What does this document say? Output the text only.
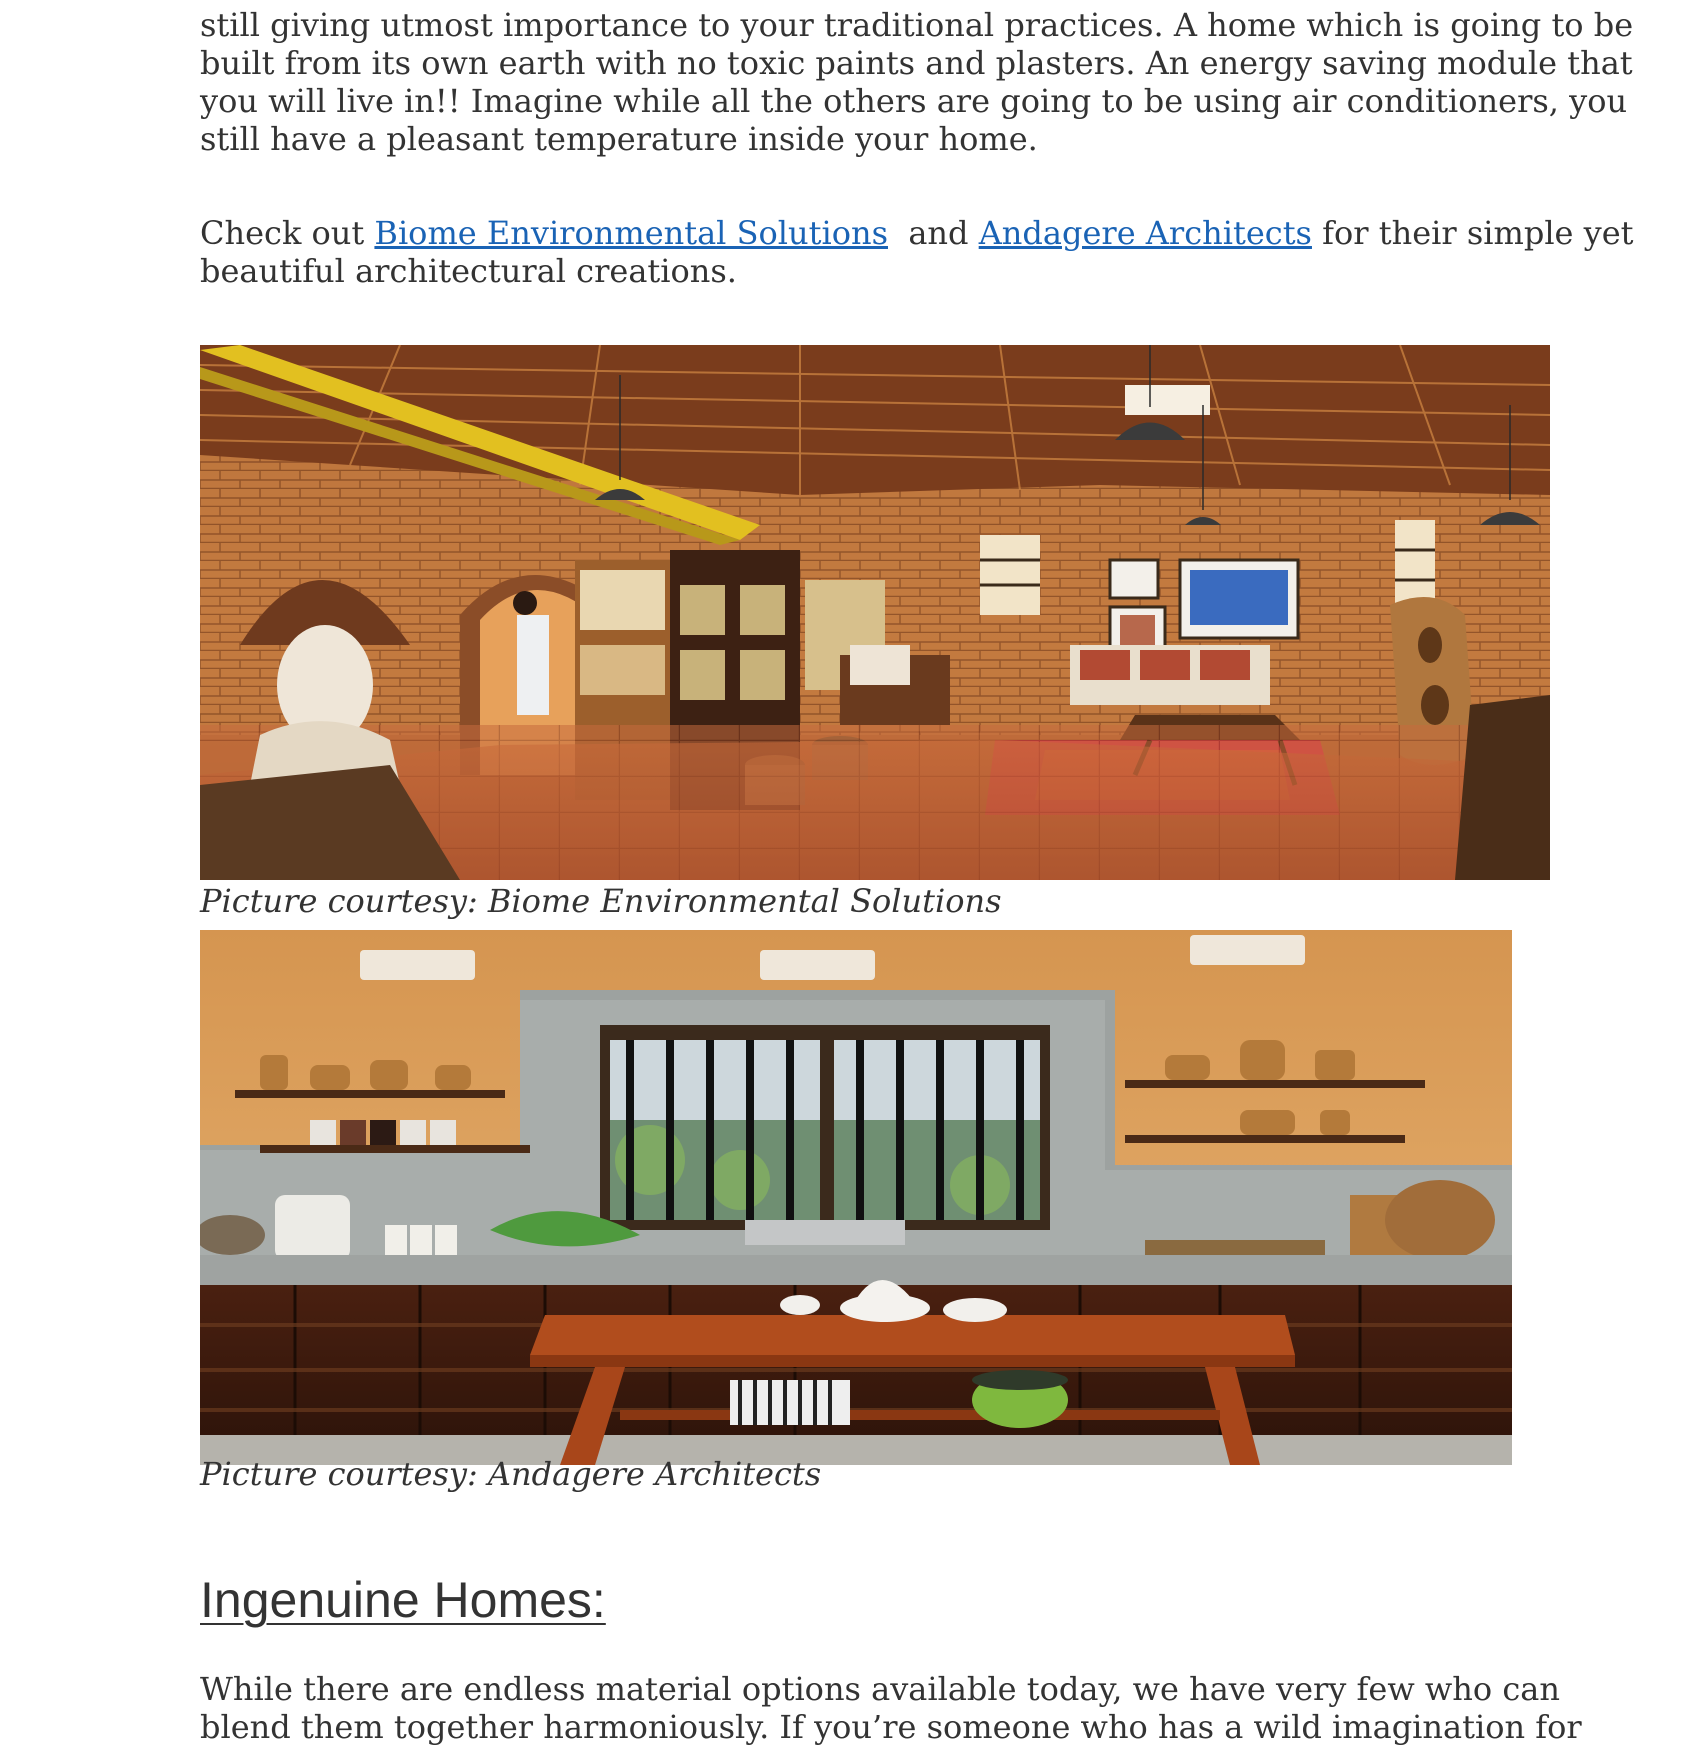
still giving utmost importance to your traditional practices. A home which is going to be
built from its own earth with no toxic paints and plasters. An energy saving module that
you will live in!! Imagine while all the others are going to be using air conditioners, you
still have a pleasant temperature inside your home.

Check out Biome Environmental Solutions  and Andagere Architects for their simple yet
beautiful architectural creations.

Picture courtesy: Biome Environmental Solutions
Picture courtesy: Andagere Architects
Ingenuine Homes:

While there are endless material options available today, we have very few who can
blend them together harmoniously. If you’re someone who has a wild imagination for
